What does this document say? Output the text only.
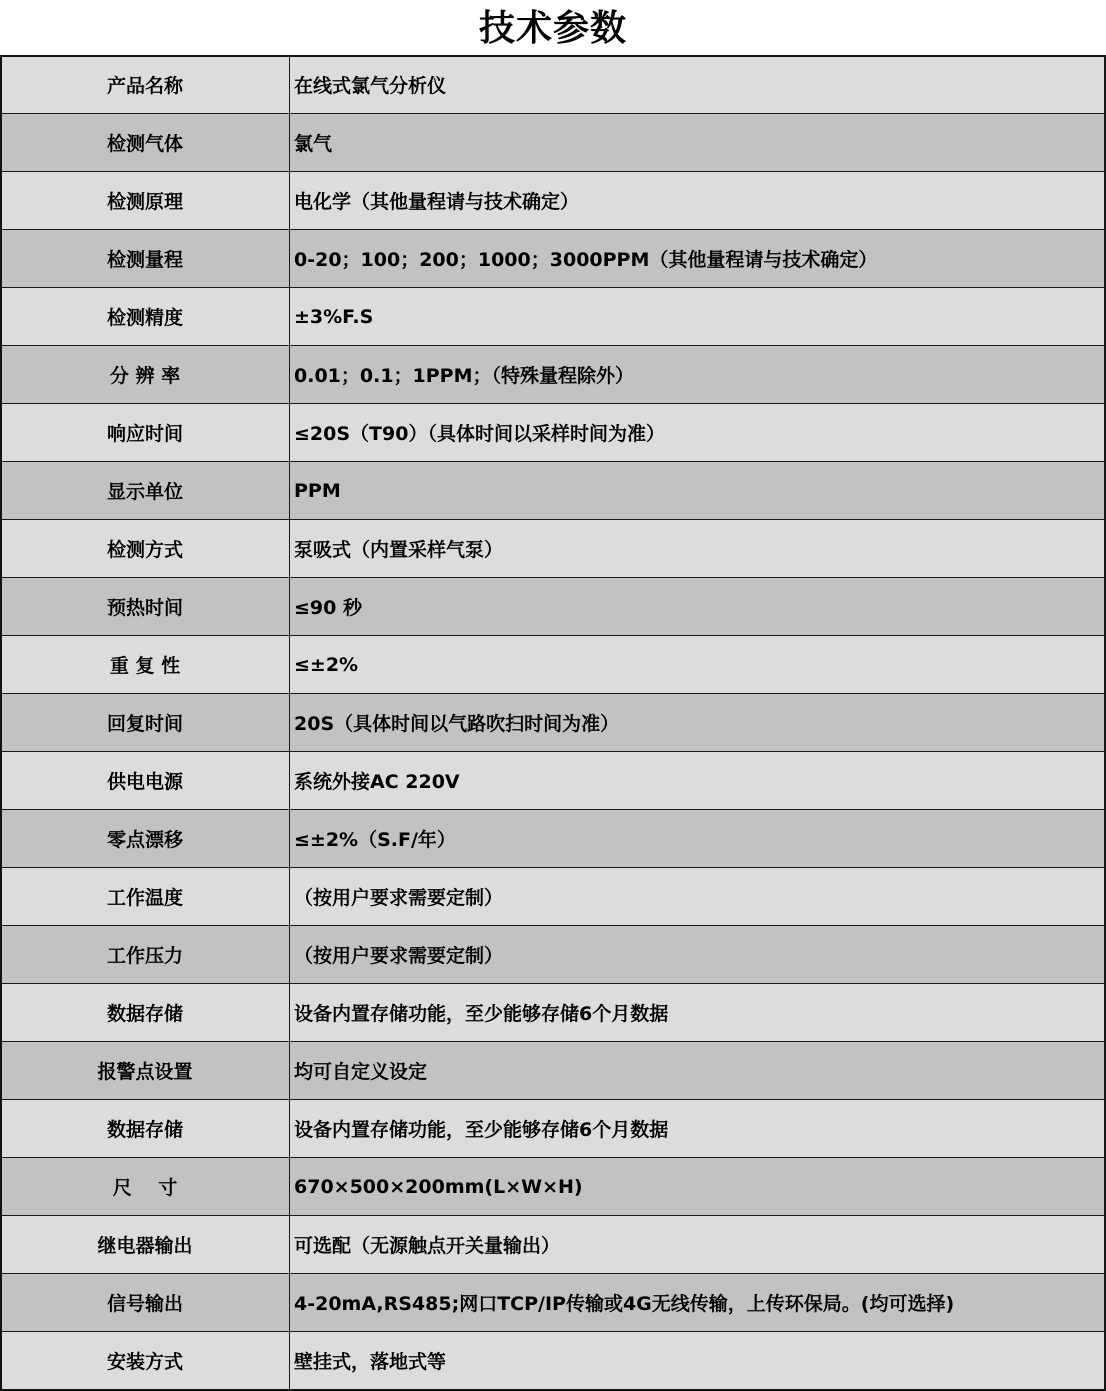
技术参数
产品名称	在线式氯气分析仪
检测气体	氯气
检测原理	电化学（其他量程请与技术确定）
检测量程	0-20；100；200；1000；3000PPM（其他量程请与技术确定）
检测精度	±3%F.S
分 辨 率	0.01；0.1；1PPM；（特殊量程除外）
响应时间	≤20S（T90）（具体时间以采样时间为准）
显示单位	PPM
检测方式	泵吸式（内置采样气泵）
预热时间	≤90 秒
重 复 性	≤±2%
回复时间	20S（具体时间以气路吹扫时间为准）
供电电源	系统外接AC 220V
零点漂移	≤±2%（S.F/年）
工作温度	（按用户要求需要定制）
工作压力	（按用户要求需要定制）
数据存储	设备内置存储功能，至少能够存储6个月数据
报警点设置	均可自定义设定
数据存储	设备内置存储功能，至少能够存储6个月数据
尺    寸	670×500×200mm(L×W×H)
继电器输出	可选配（无源触点开关量输出）
信号输出	4-20mA,RS485;网口TCP/IP传输或4G无线传输，上传环保局。(均可选择)
安装方式	壁挂式，落地式等
